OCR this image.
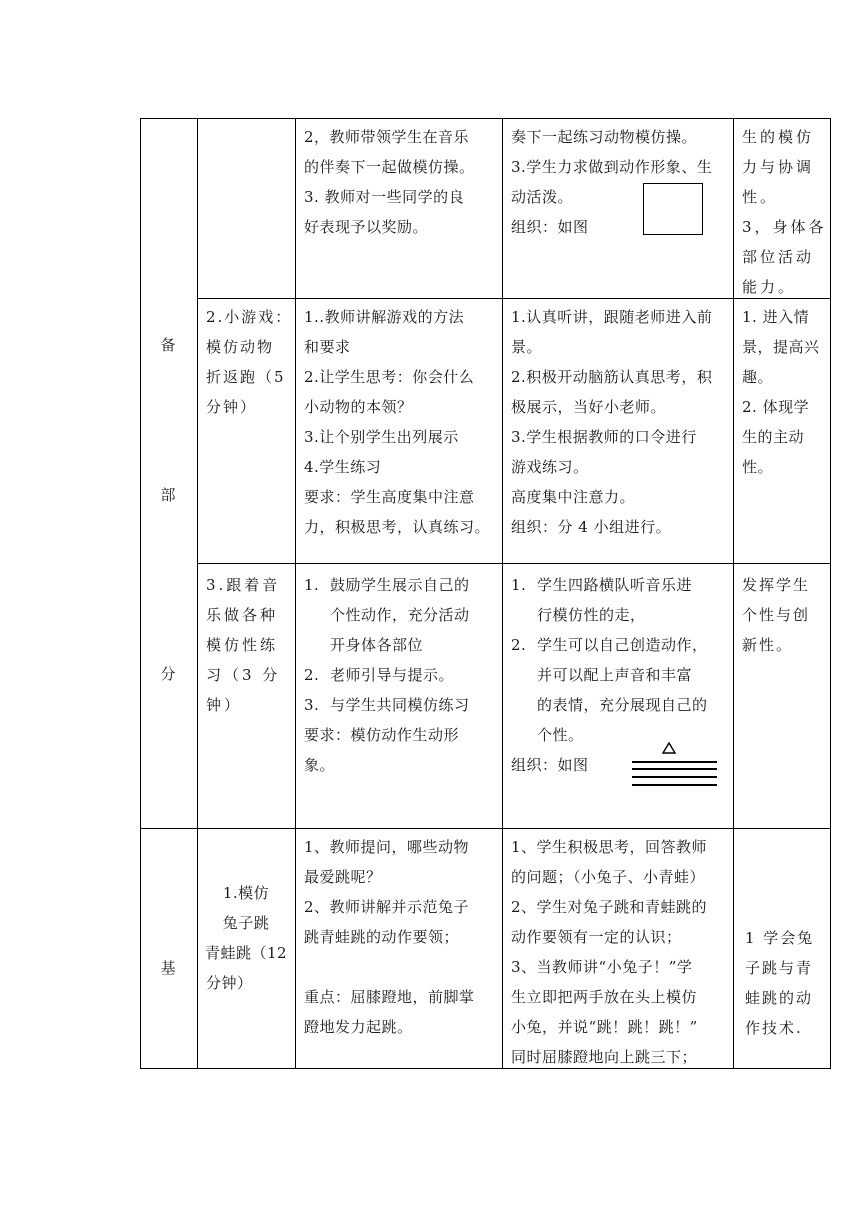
备
部
分
基

2，教师带领学生在音乐

的伴奏下一起做模仿操。

3. 教师对一些同学的良

好表现予以奖励。

奏下一起练习动物模仿操。

3.学生力求做到动作形象、生

动活泼。

组织：如图

生的模仿

力与协调

性。

3，身体各

部位活动

能力。

2.小游戏：

模仿动物

折返跑（5

分钟）

1..教师讲解游戏的方法

和要求

2.让学生思考：你会什么

小动物的本领？

3.让个别学生出列展示

4.学生练习

要求：学生高度集中注意

力，积极思考，认真练习。

1.认真听讲，跟随老师进入前

景。

2.积极开动脑筋认真思考，积

极展示，当好小老师。

3.学生根据教师的口令进行

游戏练习。

高度集中注意力。

组织：分 4 小组进行。

1. 进入情

景，提高兴

趣。

2. 体现学

生的主动

性。

3.跟着音

乐做各种

模仿性练

习（3 分

钟）

1. 鼓励学生展示自己的

个性动作，充分活动

开身体各部位

2. 老师引导与提示。

3. 与学生共同模仿练习

要求：模仿动作生动形

象。

1. 学生四路横队听音乐进

行模仿性的走，

2. 学生可以自己创造动作，

并可以配上声音和丰富

的表情，充分展现自己的

个性。

组织：如图

发挥学生

个性与创

新性。

1.模仿

兔子跳

青蛙跳（12

分钟）

1、教师提问，哪些动物

最爱跳呢？

2、教师讲解并示范兔子

跳青蛙跳的动作要领；

重点：屈膝蹬地，前脚掌

蹬地发力起跳。

1、学生积极思考，回答教师

的问题；（小兔子、小青蛙）

2、学生对兔子跳和青蛙跳的

动作要领有一定的认识；

3、当教师讲“小兔子！”学

生立即把两手放在头上模仿

小兔，并说“跳！跳！跳！”

同时屈膝蹬地向上跳三下；

1 学会兔

子跳与青

蛙跳的动

作技术.
